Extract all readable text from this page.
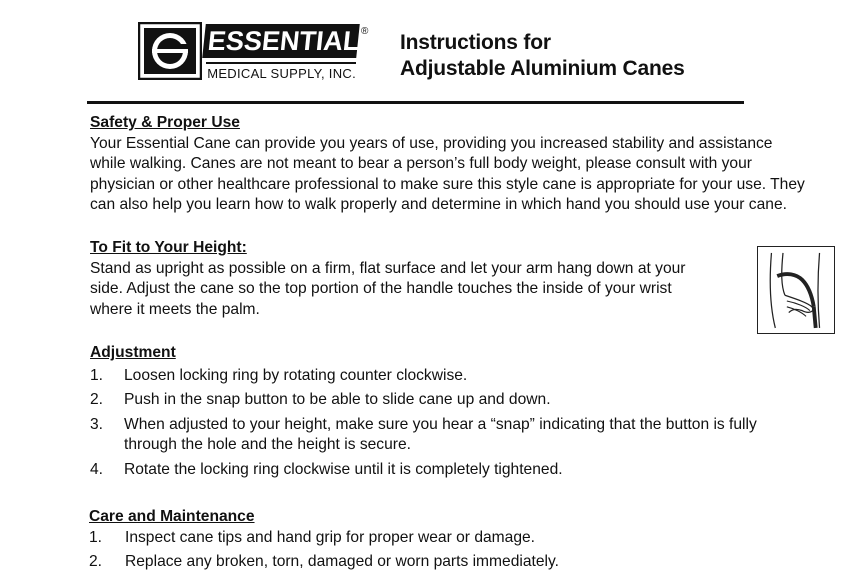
ESSENTIAL ®
MEDICAL SUPPLY, INC.
Instructions for
Adjustable Aluminium Canes
Safety & Proper Use
Your Essential Cane can provide you years of use, providing you increased stability and assistance
while walking. Canes are not meant to bear a person’s full body weight, please consult with your
physician or other healthcare professional to make sure this style cane is appropriate for your use. They
can also help you learn how to walk properly and determine in which hand you should use your cane.
To Fit to Your Height:
Stand as upright as possible on a firm, flat surface and let your arm hang down at your
side. Adjust the cane so the top portion of the handle touches the inside of your wrist
where it meets the palm.
Adjustment
1.	Loosen locking ring by rotating counter clockwise.
2.	Push in the snap button to be able to slide cane up and down.
3.	When adjusted to your height, make sure you hear a “snap” indicating that the button is fully
through the hole and the height is secure.
4.	Rotate the locking ring clockwise until it is completely tightened.
Care and Maintenance
1.	Inspect cane tips and hand grip for proper wear or damage.
2.	Replace any broken, torn, damaged or worn parts immediately.
